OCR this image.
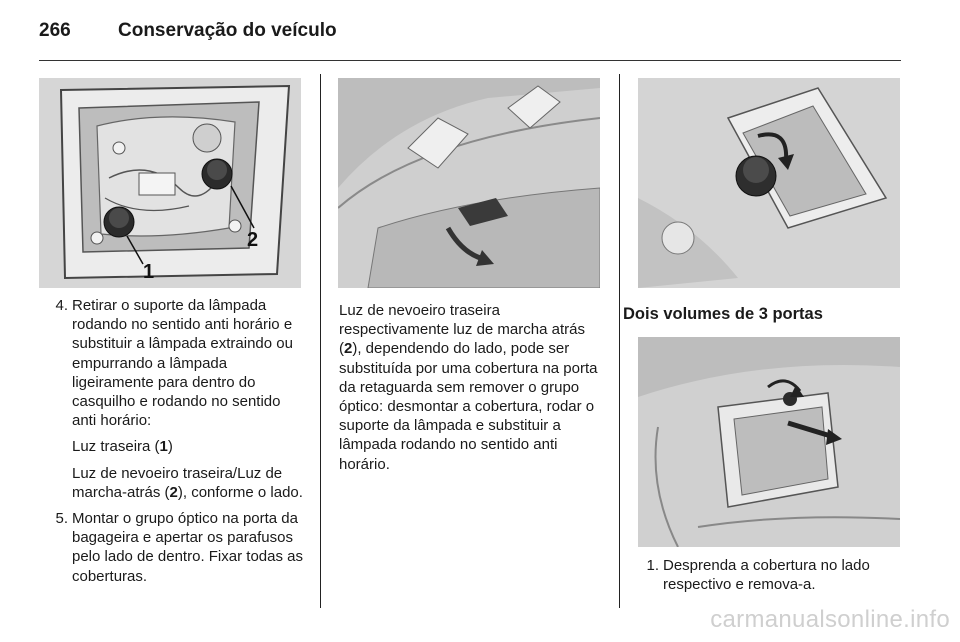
266 Conservação do veículo
2
1
4. Retirar o suporte da lâmpada rodando no sentido anti horário e substituir a lâmpada extraindo ou empurrando a lâmpada ligeiramente para dentro do casquilho e rodando no sentido anti horário:

Luz traseira (1)

Luz de nevoeiro traseira/Luz de marcha-atrás (2), conforme o lado.

5. Montar o grupo óptico na porta da bagageira e apertar os parafusos pelo lado de dentro. Fixar todas as coberturas.
Luz de nevoeiro traseira respectivamente luz de marcha atrás (2), dependendo do lado, pode ser substituída por uma cobertura na porta da retaguarda sem remover o grupo óptico: desmontar a cobertura, rodar o suporte da lâmpada e substituir a lâmpada rodando no sentido anti horário.
Dois volumes de 3 portas
1. Desprenda a cobertura no lado respectivo e remova-a.
carmanualsonline.info
